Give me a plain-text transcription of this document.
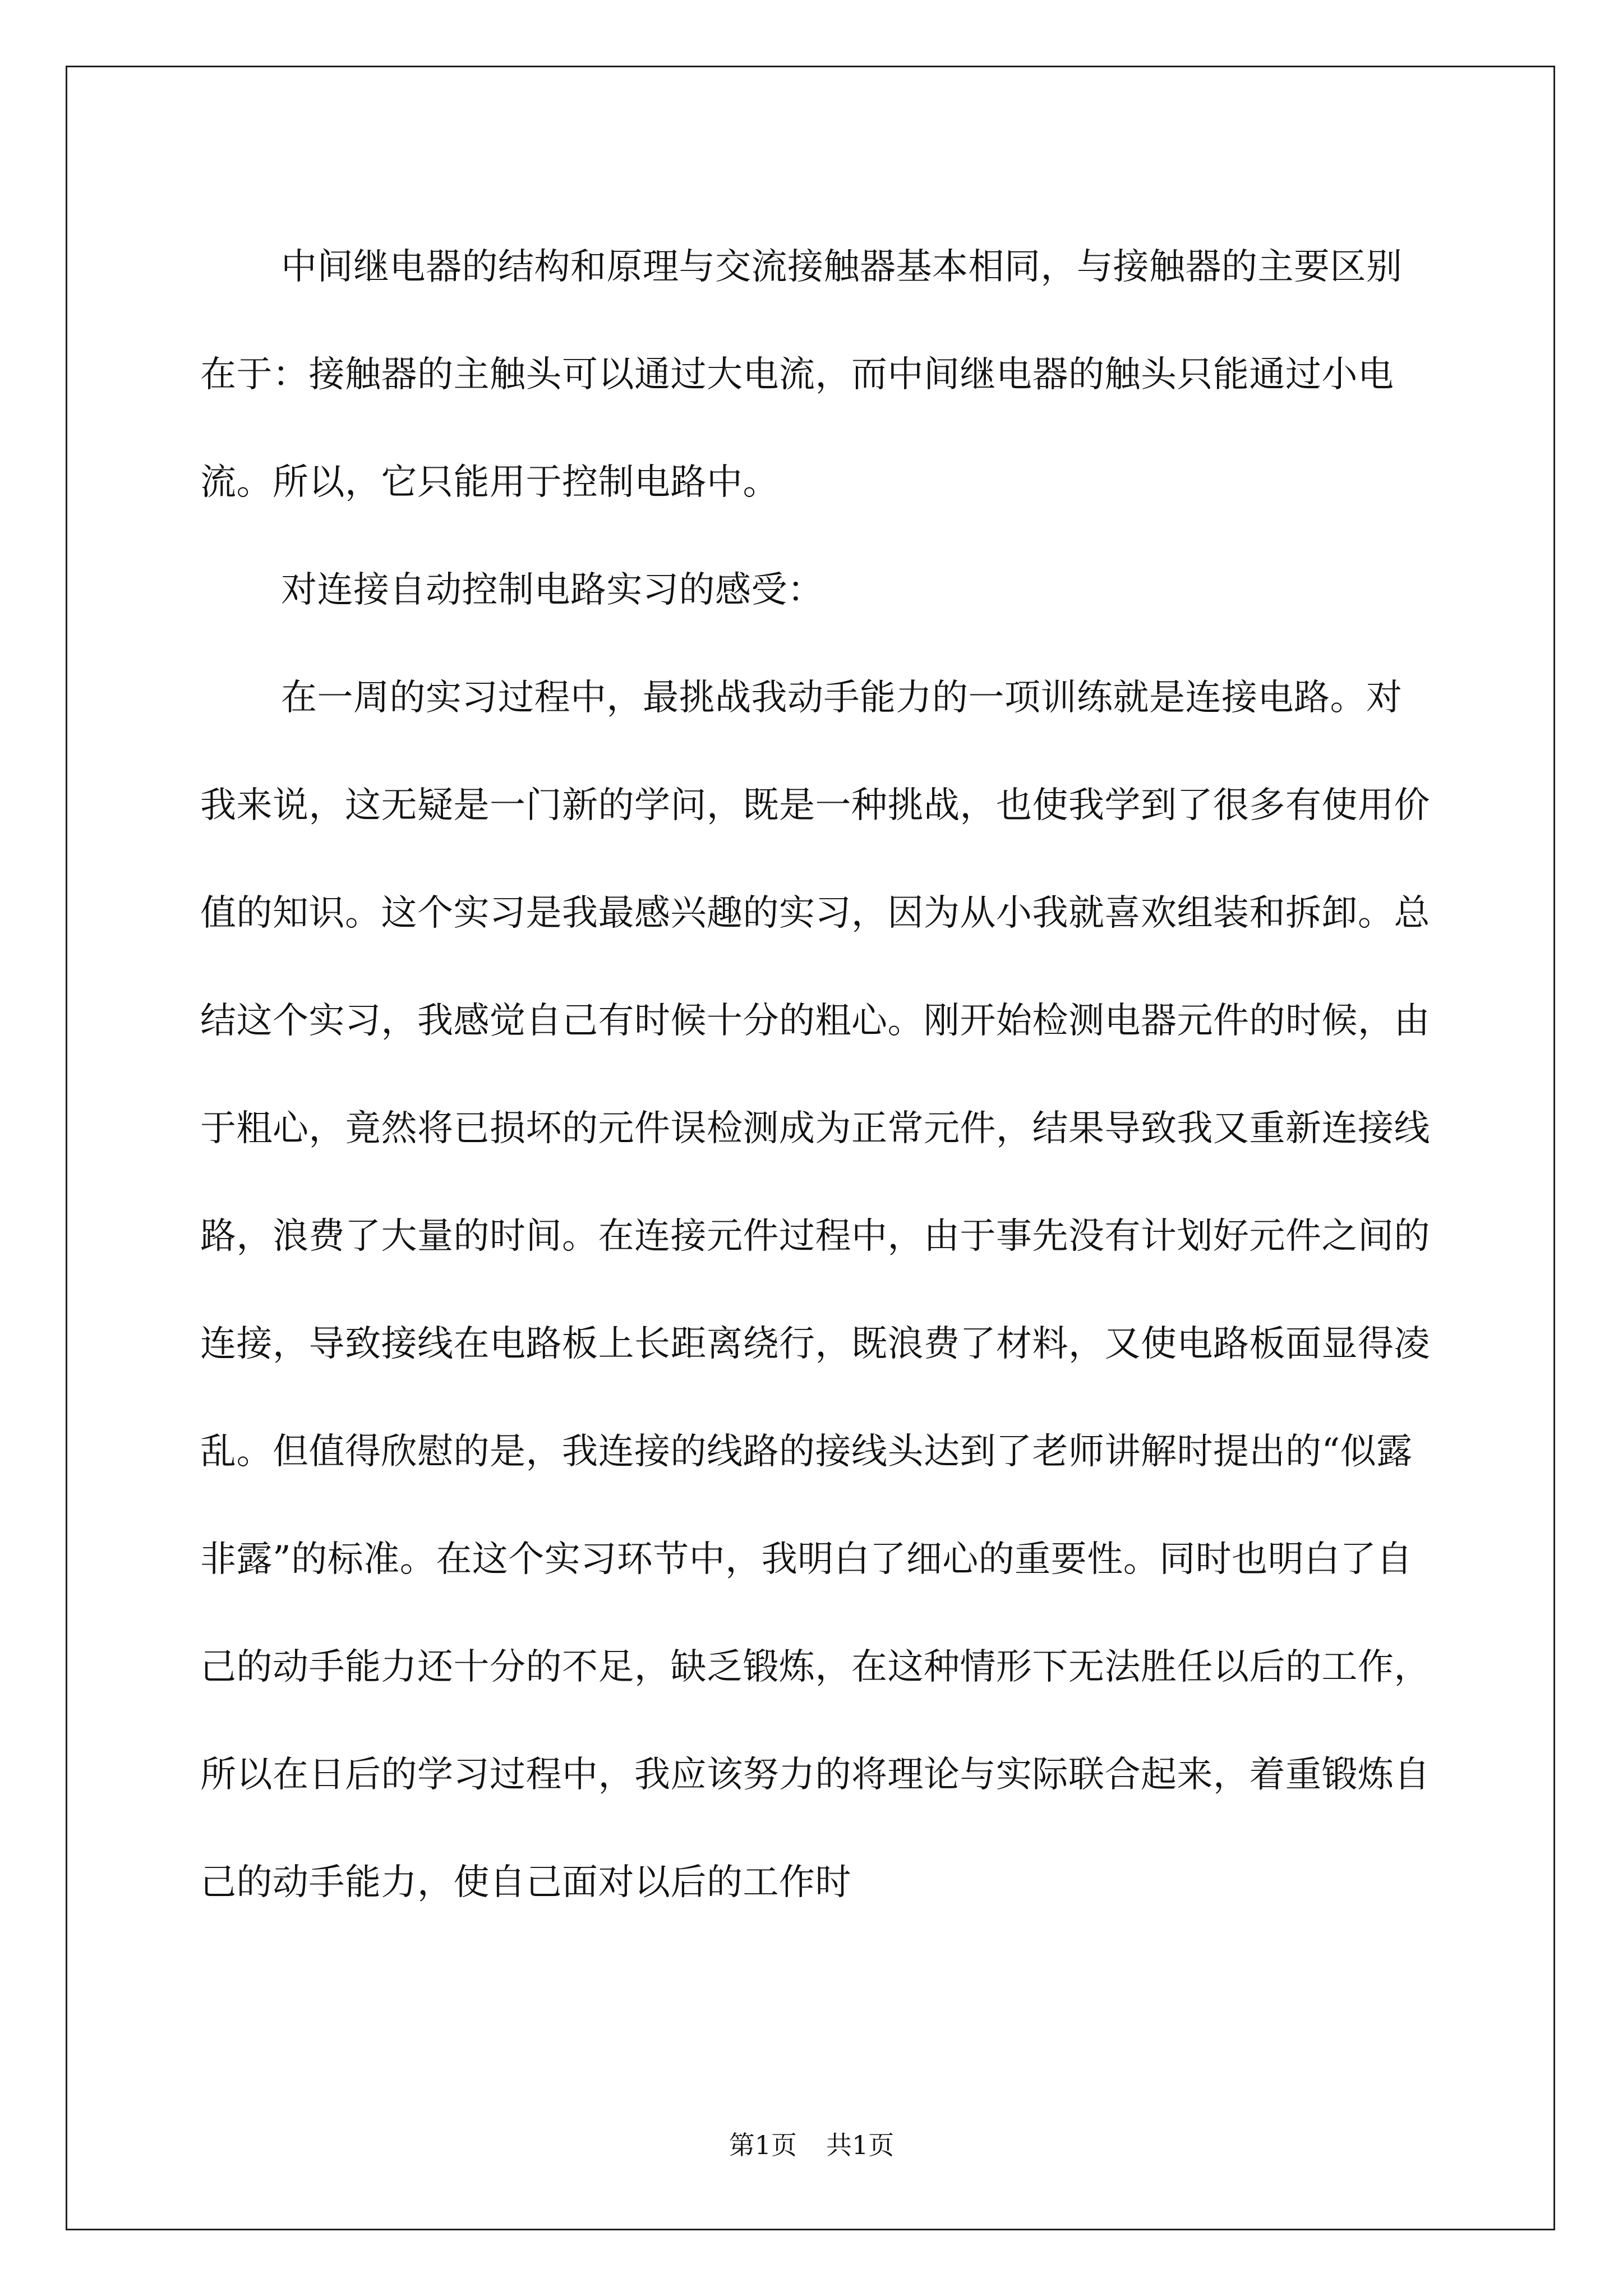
中间继电器的结构和原理与交流接触器基本相同，与接触器的主要区别在于：接触器的主触头可以通过大电流，而中间继电器的触头只能通过小电流。所以，它只能用于控制电路中。

对连接自动控制电路实习的感受：

在一周的实习过程中，最挑战我动手能力的一项训练就是连接电路。对我来说，这无疑是一门新的学问，既是一种挑战，也使我学到了很多有使用价值的知识。这个实习是我最感兴趣的实习，因为从小我就喜欢组装和拆卸。总结这个实习，我感觉自己有时候十分的粗心。刚开始检测电器元件的时候，由于粗心，竟然将已损坏的元件误检测成为正常元件，结果导致我又重新连接线路，浪费了大量的时间。在连接元件过程中，由于事先没有计划好元件之间的连接，导致接线在电路板上长距离绕行，既浪费了材料，又使电路板面显得凌乱。但值得欣慰的是，我连接的线路的接线头达到了老师讲解时提出的“似露非露”的标准。在这个实习环节中，我明白了细心的重要性。同时也明白了自己的动手能力还十分的不足，缺乏锻炼，在这种情形下无法胜任以后的工作，所以在日后的学习过程中，我应该努力的将理论与实际联合起来，着重锻炼自己的动手能力，使自己面对以后的工作时

第1页 共1页
